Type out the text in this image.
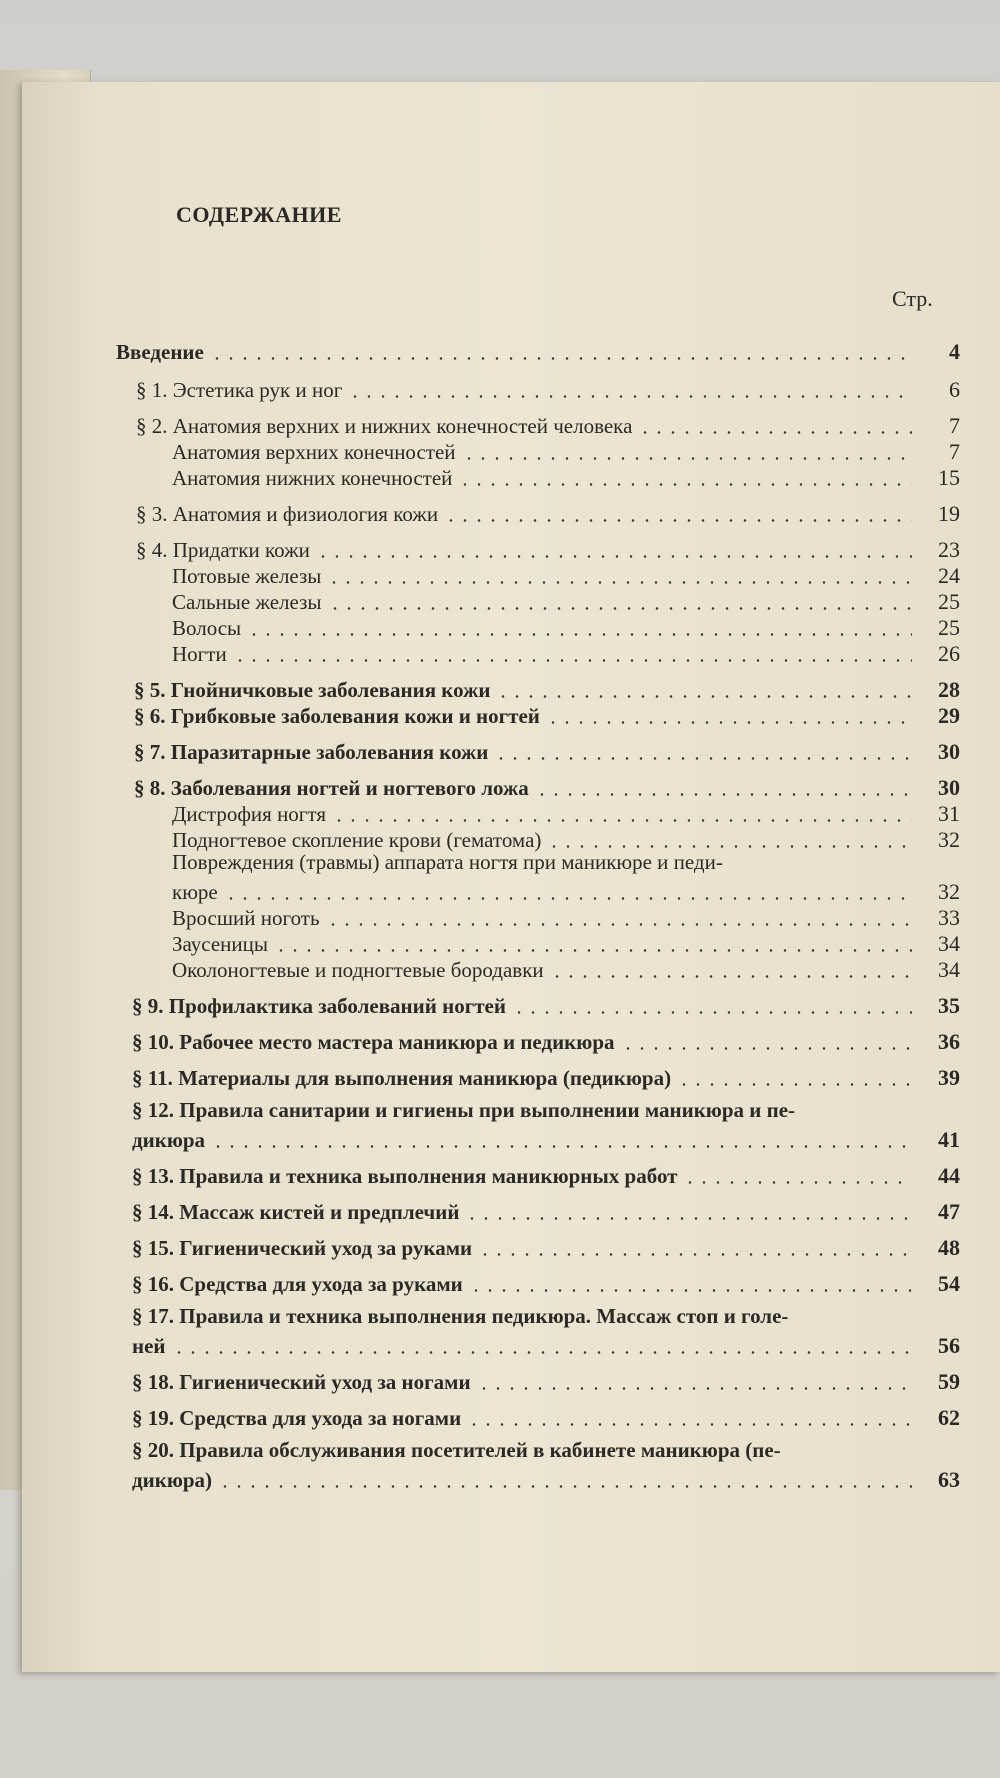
СОДЕРЖАНИЕ
Стр.
Введение	4
§ 1. Эстетика рук и ног	6
§ 2. Анатомия верхних и нижних конечностей человека	7
Анатомия верхних конечностей	7
Анатомия нижних конечностей	15
§ 3. Анатомия и физиология кожи	19
§ 4. Придатки кожи	23
Потовые железы	24
Сальные железы	25
Волосы	25
Ногти	26
§ 5. Гнойничковые заболевания кожи	28
§ 6. Грибковые заболевания кожи и ногтей	29
§ 7. Паразитарные заболевания кожи	30
§ 8. Заболевания ногтей и ногтевого ложа	30
Дистрофия ногтя	31
Подногтевое скопление крови (гематома)	32
Повреждения (травмы) аппарата ногтя при маникюре и педи-
кюре	32
Вросший ноготь	33
Заусеницы	34
Околоногтевые и подногтевые бородавки	34
§ 9. Профилактика заболеваний ногтей	35
§ 10. Рабочее место мастера маникюра и педикюра	36
§ 11. Материалы для выполнения маникюра (педикюра)	39
§ 12. Правила санитарии и гигиены при выполнении маникюра и пе-
дикюра	41
§ 13. Правила и техника выполнения маникюрных работ	44
§ 14. Массаж кистей и предплечий	47
§ 15. Гигиенический уход за руками	48
§ 16. Средства для ухода за руками	54
§ 17. Правила и техника выполнения педикюра. Массаж стоп и голе-
ней	56
§ 18. Гигиенический уход за ногами	59
§ 19. Средства для ухода за ногами	62
§ 20. Правила обслуживания посетителей в кабинете маникюра (пе-
дикюра)	63
